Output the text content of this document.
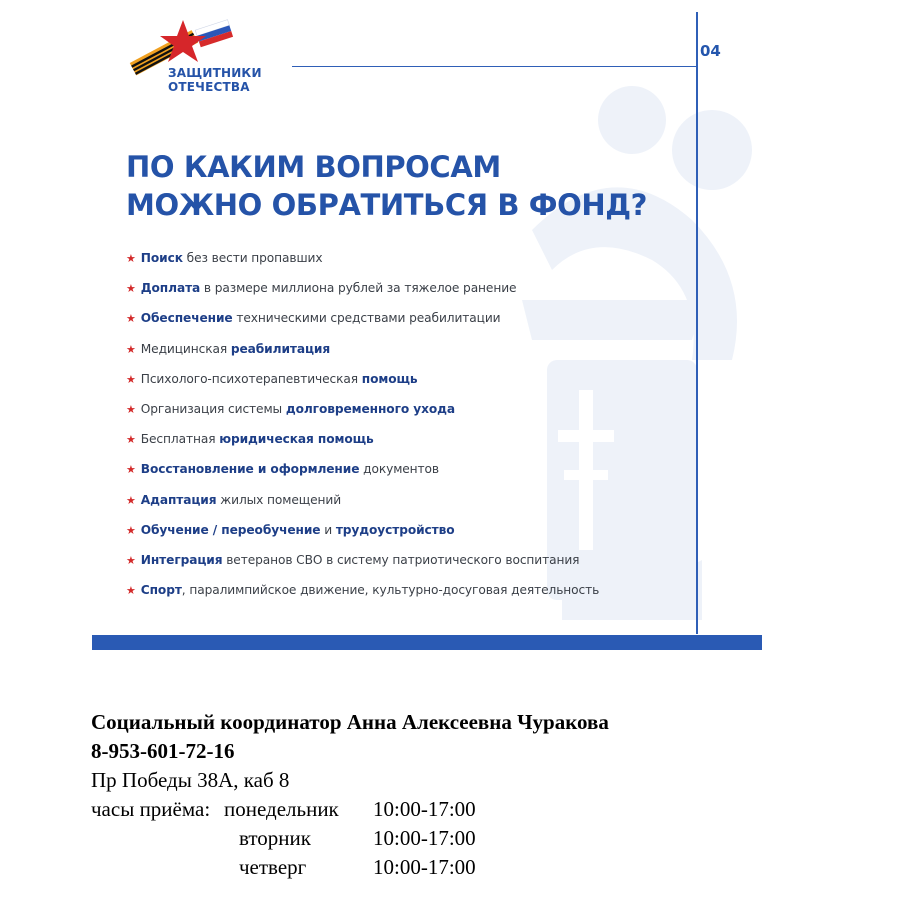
04
ЗАЩИТНИКИ
ОТЕЧЕСТВА
ПО КАКИМ ВОПРОСАМ
МОЖНО ОБРАТИТЬСЯ В ФОНД?
★ Поиск без вести пропавших
★ Доплата в размере миллиона рублей за тяжелое ранение
★ Обеспечение техническими средствами реабилитации
★ Медицинская реабилитация
★ Психолого-психотерапевтическая помощь
★ Организация системы долговременного ухода
★ Бесплатная юридическая помощь
★ Восстановление и оформление документов
★ Адаптация жилых помещений
★ Обучение / переобучение и трудоустройство
★ Интеграция ветеранов СВО в систему патриотического воспитания
★ Спорт, паралимпийское движение, культурно-досуговая деятельность
Социальный координатор Анна Алексеевна Чуракова
8-953-601-72-16
Пр Победы 38А, каб 8
часы приёма: понедельник 10:00-17:00
вторник	10:00-17:00
четверг	10:00-17:00
